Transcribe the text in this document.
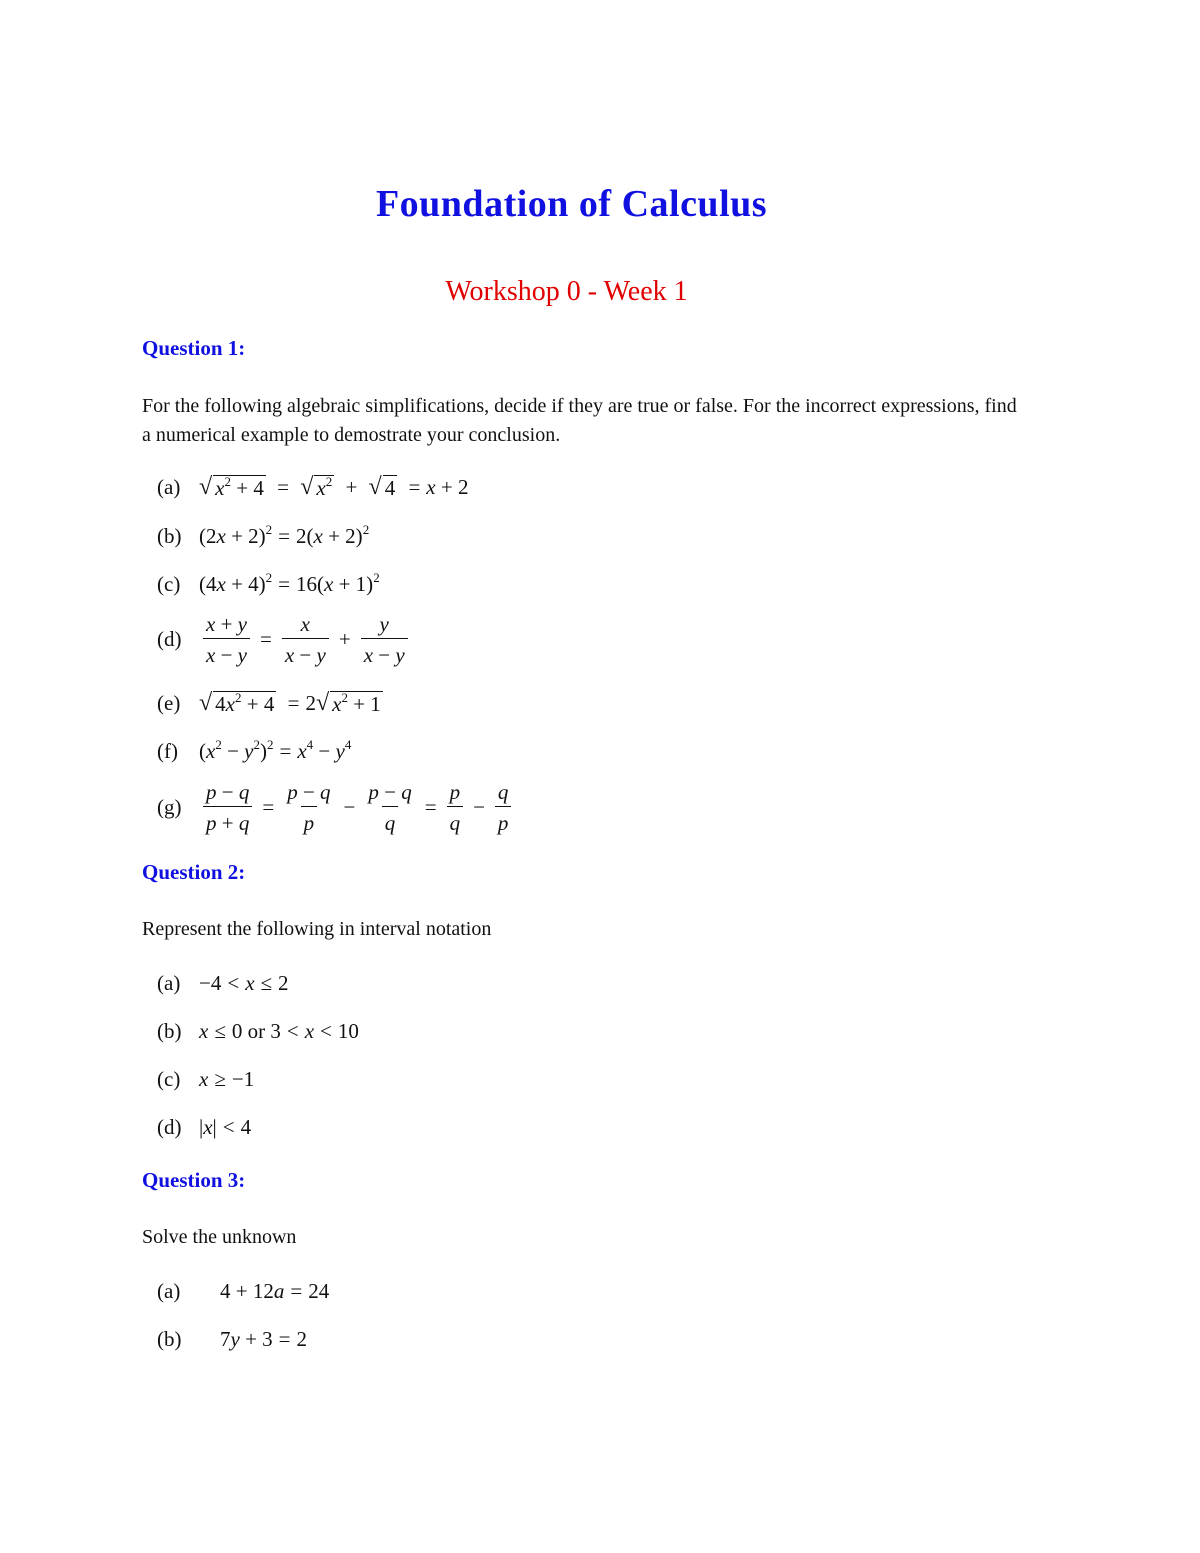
Foundation of Calculus
Workshop 0 - Week 1
Question 1:
For the following algebraic simplifications, decide if they are true or false. For the incorrect expressions, find a numerical example to demostrate your conclusion.
(a) √ $x^2 + 4$ = √ $x^2$ + √ 4 = x + 2
(b) $(2x + 2)^2 = 2(x + 2)^2$
(c) $(4x + 4)^2 = 16(x + 1)^2$
(d)	$\frac{x + y}{x - y} = \frac{x}{x - y} + \frac{y}{x - y}$
(e) √ $4x^2 + 4 = 2$ √ $x^2 + 1$
(f)	$(x^2 - y^2)^2 = x^4 - y^4$
(g)	$\frac{p - q}{p + q} = \frac{p - q}{p} - \frac{p - q}{q} = \frac{p}{q} - \frac{q}{p}$
Question 2:
Represent the following in interval notation
(a) −4 < x ≤ 2
(b) x ≤ 0 or 3 < x < 10
(c) x ≥ −1
(d) |x| < 4
Question 3:
Solve the unknown
(a)	4 + 12a = 24
(b)	7y + 3 = 2
